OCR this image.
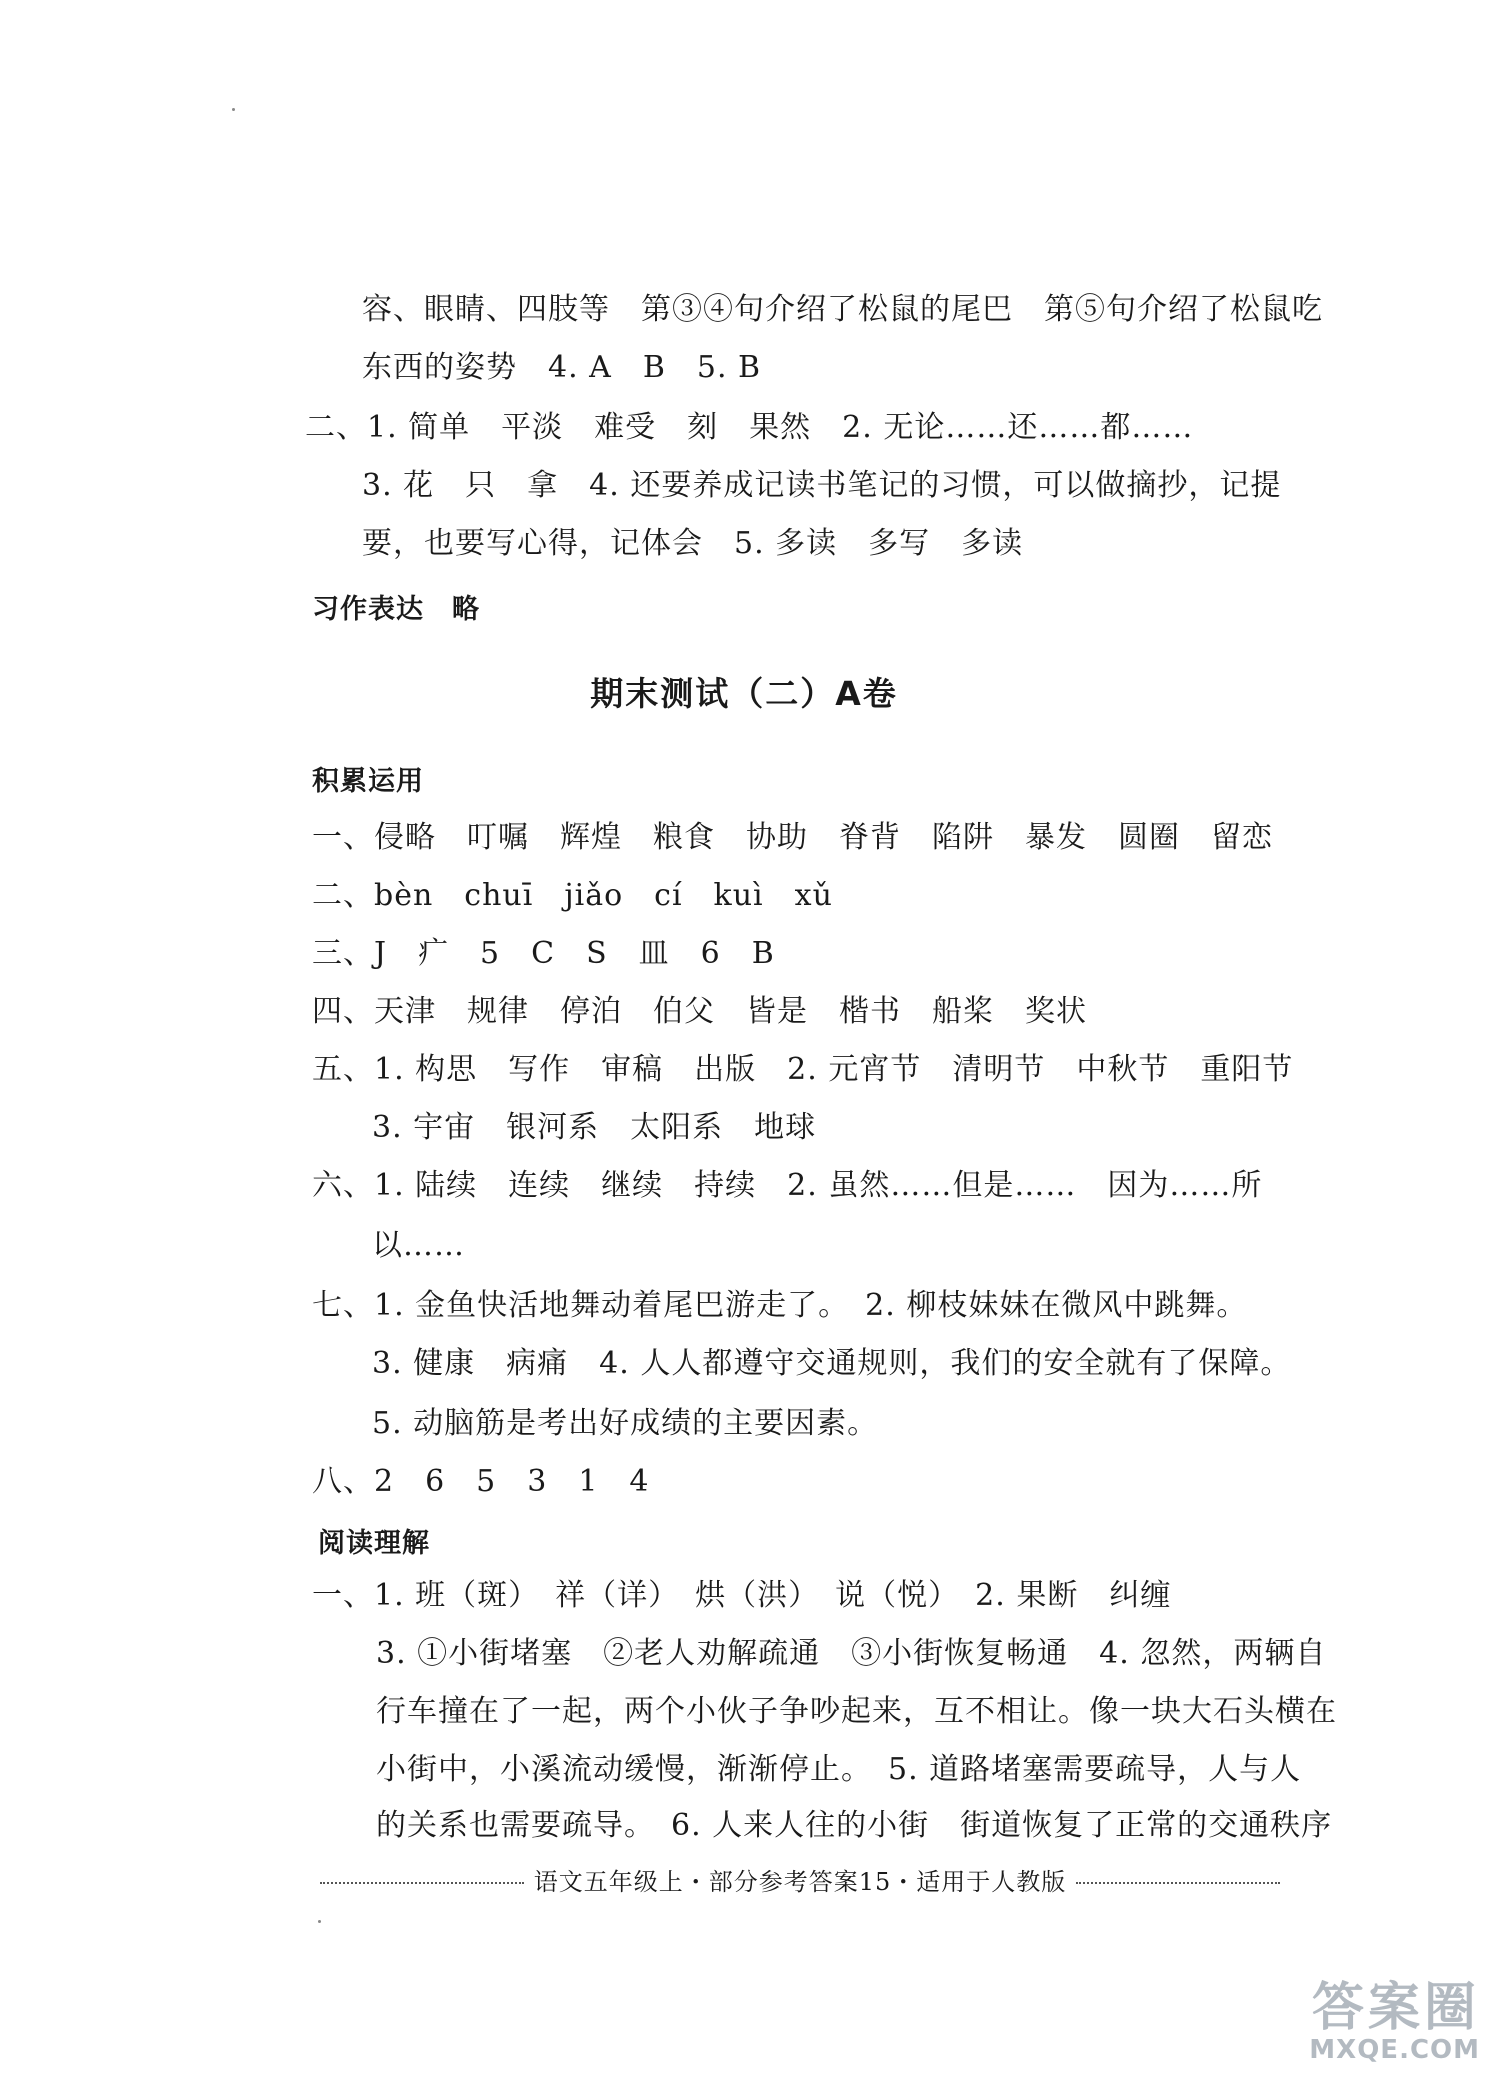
容、眼睛、四肢等　第③④句介绍了松鼠的尾巴　第⑤句介绍了松鼠吃
东西的姿势　4. A　B　5. B
二、1. 简单　平淡　难受　刻　果然　2. 无论……还……都……
3. 花　只　拿　4. 还要养成记读书笔记的习惯，可以做摘抄，记提
要，也要写心得，记体会　5. 多读　多写　多读
习作表达　略
期末测试（二）A卷
积累运用
一、侵略　叮嘱　辉煌　粮食　协助　脊背　陷阱　暴发　圆圈　留恋
二、bèn　chuī　jiǎo　cí　kuì　xǔ
三、J　疒　5　C　S　皿　6　B
四、天津　规律　停泊　伯父　皆是　楷书　船桨　奖状
五、1. 构思　写作　审稿　出版　2. 元宵节　清明节　中秋节　重阳节
3. 宇宙　银河系　太阳系　地球
六、1. 陆续　连续　继续　持续　2. 虽然……但是……　因为……所
以……
七、1. 金鱼快活地舞动着尾巴游走了。　2. 柳枝妹妹在微风中跳舞。
3. 健康　病痛　4. 人人都遵守交通规则，我们的安全就有了保障。
5. 动脑筋是考出好成绩的主要因素。
八、2　6　5　3　1　4
阅读理解
一、1. 班（斑）　祥（详）　烘（洪）　说（悦）　2. 果断　纠缠
3. ①小街堵塞　②老人劝解疏通　③小街恢复畅通　4. 忽然，两辆自
行车撞在了一起，两个小伙子争吵起来，互不相让。像一块大石头横在
小街中，小溪流动缓慢，渐渐停止。　5. 道路堵塞需要疏导，人与人
的关系也需要疏导。　6. 人来人往的小街　街道恢复了正常的交通秩序
语文五年级上・部分参考答案15・适用于人教版
答案圈
MXQE.COM
